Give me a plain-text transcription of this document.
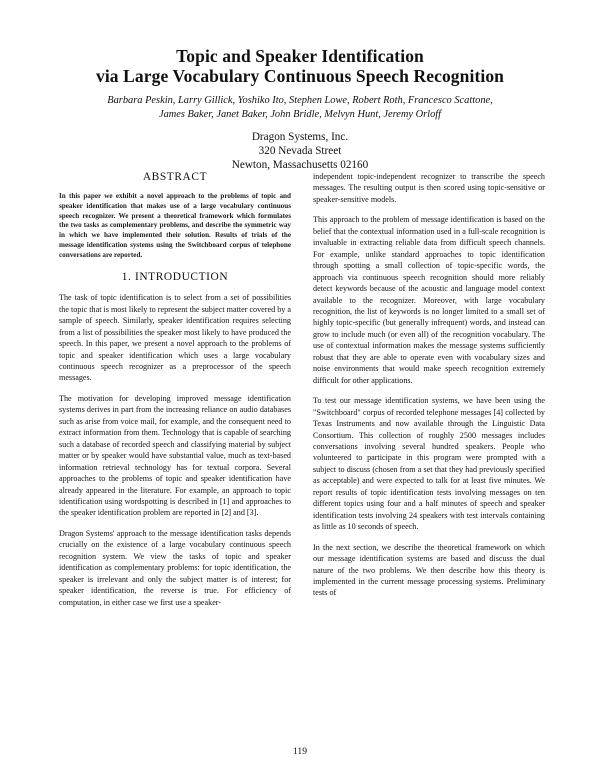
Topic and Speaker Identification
via Large Vocabulary Continuous Speech Recognition
Barbara Peskin, Larry Gillick, Yoshiko Ito, Stephen Lowe, Robert Roth, Francesco Scattone,
James Baker, Janet Baker, John Bridle, Melvyn Hunt, Jeremy Orloff
Dragon Systems, Inc.
320 Nevada Street
Newton, Massachusetts 02160
ABSTRACT

In this paper we exhibit a novel approach to the problems of topic and speaker identification that makes use of a large vocabulary continuous speech recognizer. We present a theoretical framework which formulates the two tasks as complementary problems, and describe the symmetric way in which we have implemented their solution. Results of trials of the message identification systems using the Switchboard corpus of telephone conversations are reported.

1. INTRODUCTION

The task of topic identification is to select from a set of possibilities the topic that is most likely to represent the subject matter covered by a sample of speech. Similarly, speaker identification requires selecting from a list of possibilities the speaker most likely to have produced the speech. In this paper, we present a novel approach to the problems of topic and speaker identification which uses a large vocabulary continuous speech recognizer as a preprocessor of the speech messages.

The motivation for developing improved message identification systems derives in part from the increasing reliance on audio databases such as arise from voice mail, for example, and the consequent need to extract information from them. Technology that is capable of searching such a database of recorded speech and classifying material by subject matter or by speaker would have substantial value, much as text-based information retrieval technology has for textual corpora. Several approaches to the problems of topic and speaker identification have already appeared in the literature. For example, an approach to topic identification using wordspotting is described in [1] and approaches to the speaker identification problem are reported in [2] and [3].

Dragon Systems' approach to the message identification tasks depends crucially on the existence of a large vocabulary continuous speech recognition system. We view the tasks of topic and speaker identification as complementary problems: for topic identification, the speaker is irrelevant and only the subject matter is of interest; for speaker identification, the reverse is true. For efficiency of computation, in either case we first use a speaker-

independent topic-independent recognizer to transcribe the speech messages. The resulting output is then scored using topic-sensitive or speaker-sensitive models.

This approach to the problem of message identification is based on the belief that the contextual information used in a full-scale recognition is invaluable in extracting reliable data from difficult speech channels. For example, unlike standard approaches to topic identification through spotting a small collection of topic-specific words, the approach via continuous speech recognition should more reliably detect keywords because of the acoustic and language model context available to the recognizer. Moreover, with large vocabulary recognition, the list of keywords is no longer limited to a small set of highly topic-specific (but generally infrequent) words, and instead can grow to include much (or even all) of the recognition vocabulary. The use of contextual information makes the message systems sufficiently robust that they are able to operate even with vocabulary sizes and noise environments that would make speech recognition extremely difficult for other applications.

To test our message identification systems, we have been using the "Switchboard" corpus of recorded telephone messages [4] collected by Texas Instruments and now available through the Linguistic Data Consortium. This collection of roughly 2500 messages includes conversations involving several hundred speakers. People who volunteered to participate in this program were prompted with a subject to discuss (chosen from a set that they had previously specified as acceptable) and were expected to talk for at least five minutes. We report results of topic identification tests involving messages on ten different topics using four and a half minutes of speech and speaker identification tests involving 24 speakers with test intervals containing as little as 10 seconds of speech.

In the next section, we describe the theoretical framework on which our message identification systems are based and discuss the dual nature of the two problems. We then describe how this theory is implemented in the current message processing systems. Preliminary tests of

119
